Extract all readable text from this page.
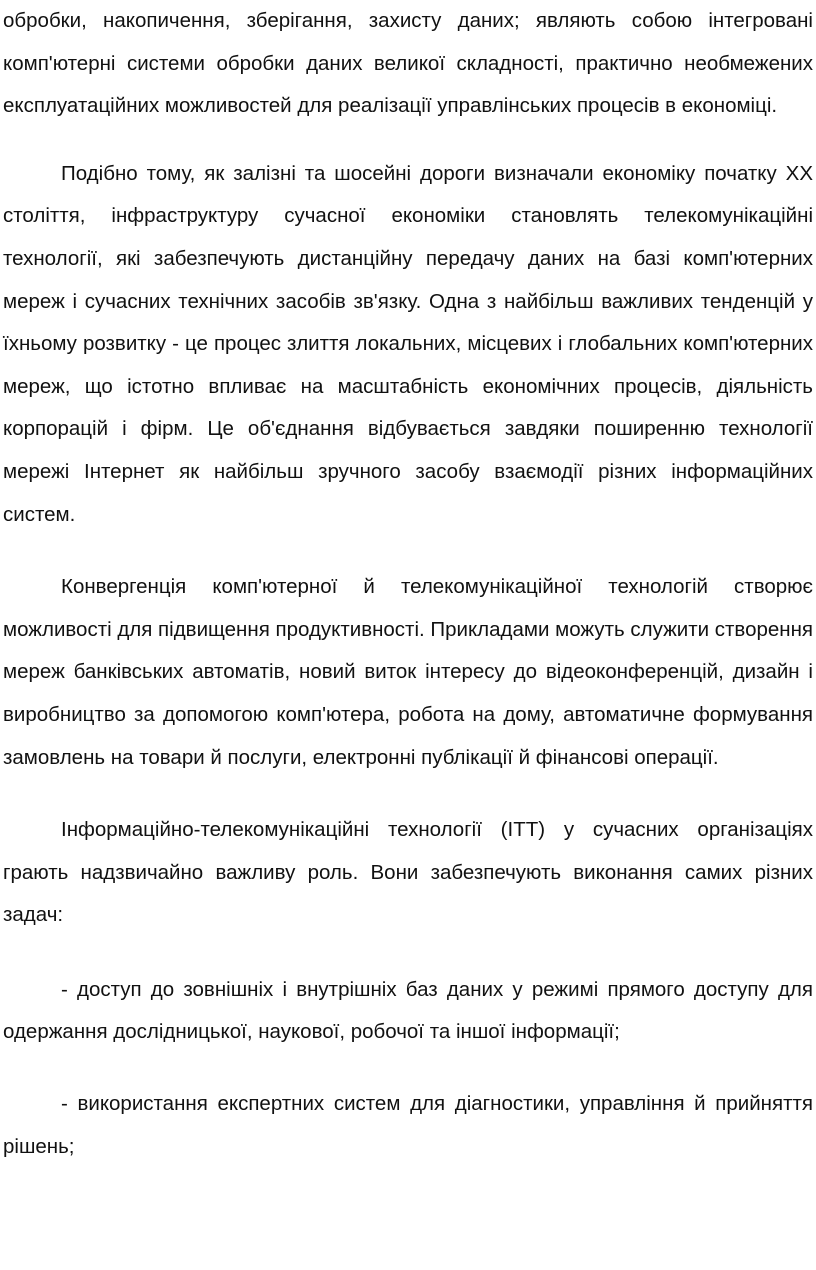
обробки, накопичення, зберігання, захисту даних; являють собою інтегровані комп'ютерні системи обробки даних великої складності, практично необмежених експлуатаційних можливостей для реалізації управлінських процесів в економіці.

Подібно тому, як залізні та шосейні дороги визначали економіку початку ХХ століття, інфраструктуру сучасної економіки становлять телекомунікаційні технології, які забезпечують дистанційну передачу даних на базі комп'ютерних мереж і сучасних технічних засобів зв'язку. Одна з найбільш важливих тенденцій у їхньому розвитку - це процес злиття локальних, місцевих і глобальних комп'ютерних мереж, що істотно впливає на масштабність економічних процесів, діяльність корпорацій і фірм. Це об'єднання відбувається завдяки поширенню технології мережі Інтернет як найбільш зручного засобу взаємодії різних інформаційних систем.

Конвергенція комп'ютерної й телекомунікаційної технологій створює можливості для підвищення продуктивності. Прикладами можуть служити створення мереж банківських автоматів, новий виток інтересу до відеоконференцій, дизайн і виробництво за допомогою комп'ютера, робота на дому, автоматичне формування замовлень на товари й послуги, електронні публікації й фінансові операції.

Інформаційно-телекомунікаційні технології (ІТТ) у сучасних організаціях грають надзвичайно важливу роль. Вони забезпечують виконання самих різних задач:

- доступ до зовнішніх і внутрішніх баз даних у режимі прямого доступу для одержання дослідницької, наукової, робочої та іншої інформації;

- використання експертних систем для діагностики, управління й прийняття рішень;
